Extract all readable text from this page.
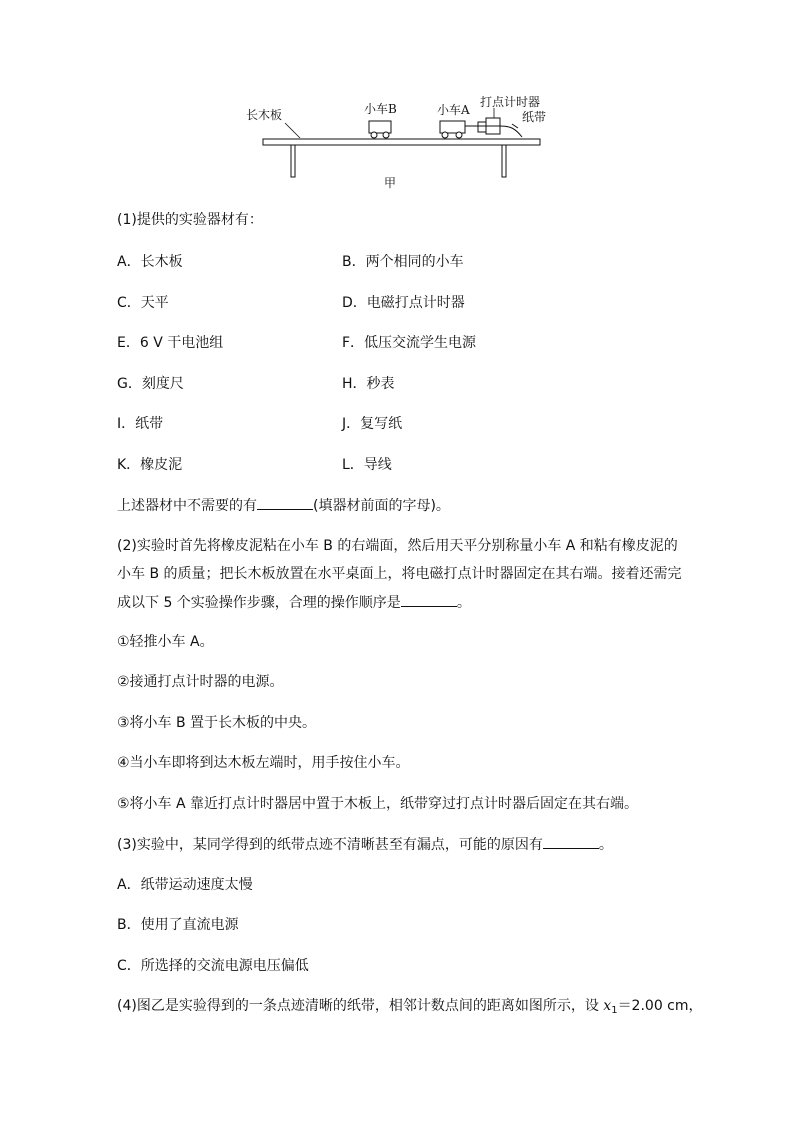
长木板	小车B	小车A
打点计时器
纸带
甲
(1)提供的实验器材有：
A．长木板	B．两个相同的小车
C．天平	D．电磁打点计时器
E．6 V 干电池组	F．低压交流学生电源
G．刻度尺	H．秒表
I．纸带	J．复写纸
K．橡皮泥	L．导线
上述器材中不需要的有	(填器材前面的字母)。
(2)实验时首先将橡皮泥粘在小车 B 的右端面，然后用天平分别称量小车 A 和粘有橡皮泥的
小车 B 的质量；把长木板放置在水平桌面上，将电磁打点计时器固定在其右端。接着还需完
成以下 5 个实验操作步骤，合理的操作顺序是	。
①轻推小车 A。
②接通打点计时器的电源。
③将小车 B 置于长木板的中央。
④当小车即将到达木板左端时，用手按住小车。
⑤将小车 A 靠近打点计时器居中置于木板上，纸带穿过打点计时器后固定在其右端。
(3)实验中，某同学得到的纸带点迹不清晰甚至有漏点，可能的原因有	。
A．纸带运动速度太慢
B．使用了直流电源
C．所选择的交流电源电压偏低
(4)图乙是实验得到的一条点迹清晰的纸带，相邻计数点间的距离如图所示，设 $x_1=2.00$ cm，
